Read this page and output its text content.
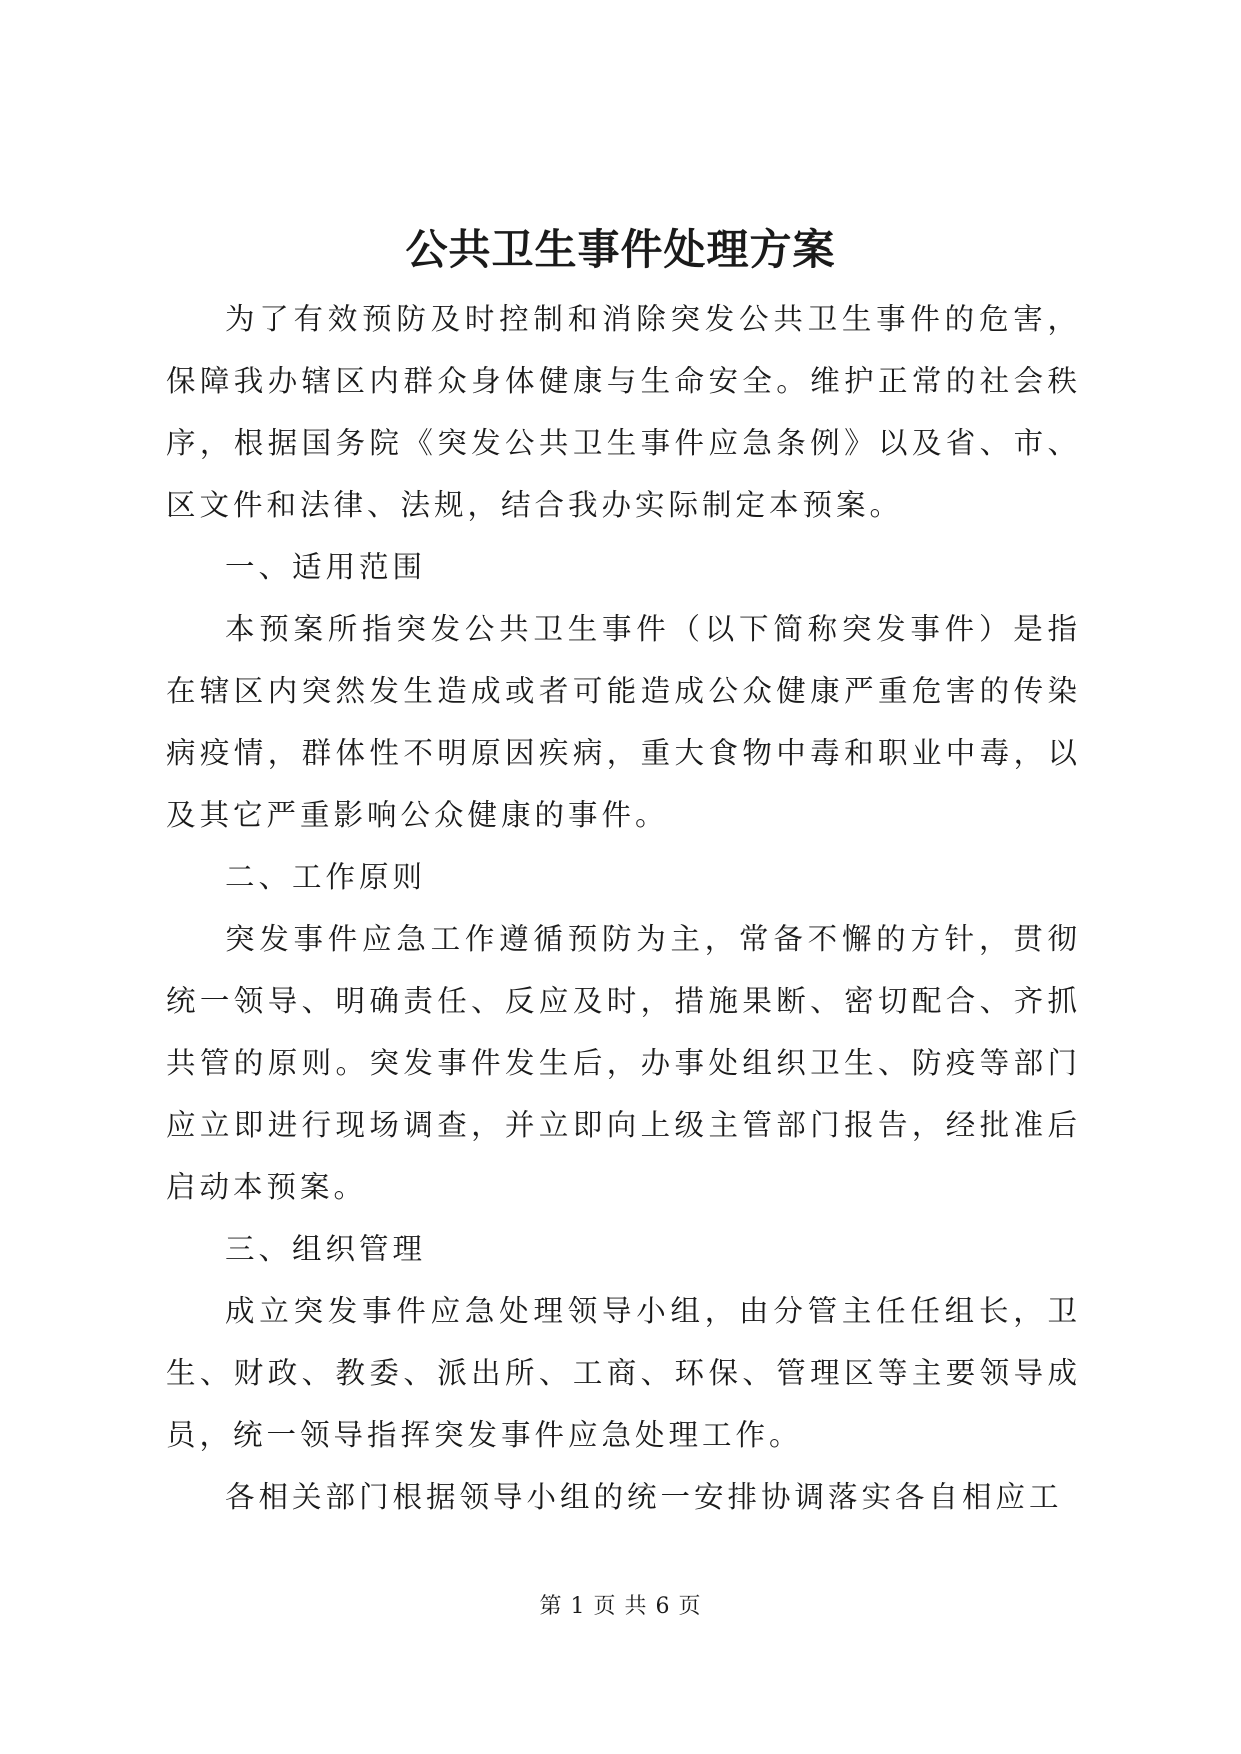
公共卫生事件处理方案

为了有效预防及时控制和消除突发公共卫生事件的危害，保障我办辖区内群众身体健康与生命安全。维护正常的社会秩序，根据国务院《突发公共卫生事件应急条例》以及省、市、区文件和法律、法规，结合我办实际制定本预案。

一、适用范围

本预案所指突发公共卫生事件（以下简称突发事件）是指在辖区内突然发生造成或者可能造成公众健康严重危害的传染病疫情，群体性不明原因疾病，重大食物中毒和职业中毒，以及其它严重影响公众健康的事件。

二、工作原则

突发事件应急工作遵循预防为主，常备不懈的方针，贯彻统一领导、明确责任、反应及时，措施果断、密切配合、齐抓共管的原则。突发事件发生后，办事处组织卫生、防疫等部门应立即进行现场调查，并立即向上级主管部门报告，经批准后启动本预案。

三、组织管理

成立突发事件应急处理领导小组，由分管主任任组长，卫生、财政、教委、派出所、工商、环保、管理区等主要领导成员，统一领导指挥突发事件应急处理工作。

各相关部门根据领导小组的统一安排协调落实各自相应工

第 1 页 共 6 页
